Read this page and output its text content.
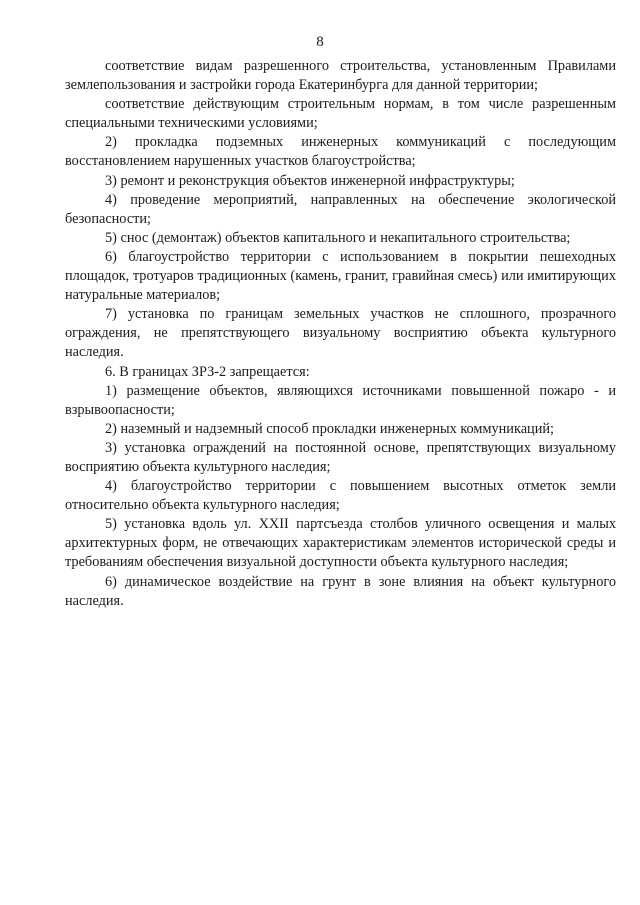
8

соответствие видам разрешенного строительства, установленным Правилами землепользования и застройки города Екатеринбурга для данной территории;

соответствие действующим строительным нормам, в том числе разрешенным специальными техническими условиями;

2) прокладка подземных инженерных коммуникаций с последующим восстановлением нарушенных участков благоустройства;

3) ремонт и реконструкция объектов инженерной инфраструктуры;

4) проведение мероприятий, направленных на обеспечение экологической безопасности;

5) снос (демонтаж) объектов капитального и некапитального строительства;

6) благоустройство территории с использованием в покрытии пешеходных площадок, тротуаров традиционных (камень, гранит, гравийная смесь) или имитирующих натуральные материалов;

7) установка по границам земельных участков не сплошного, прозрачного ограждения, не препятствующего визуальному восприятию объекта культурного наследия.

6. В границах ЗРЗ-2 запрещается:

1) размещение объектов, являющихся источниками повышенной пожаро - и взрывоопасности;

2) наземный и надземный способ прокладки инженерных коммуникаций;

3) установка ограждений на постоянной основе, препятствующих визуальному восприятию объекта культурного наследия;

4) благоустройство территории с повышением высотных отметок земли относительно объекта культурного наследия;

5) установка вдоль ул. XXII партсъезда столбов уличного освещения и малых архитектурных форм, не отвечающих характеристикам элементов исторической среды и требованиям обеспечения визуальной доступности объекта культурного наследия;

6) динамическое воздействие на грунт в зоне влияния на объект культурного наследия.
